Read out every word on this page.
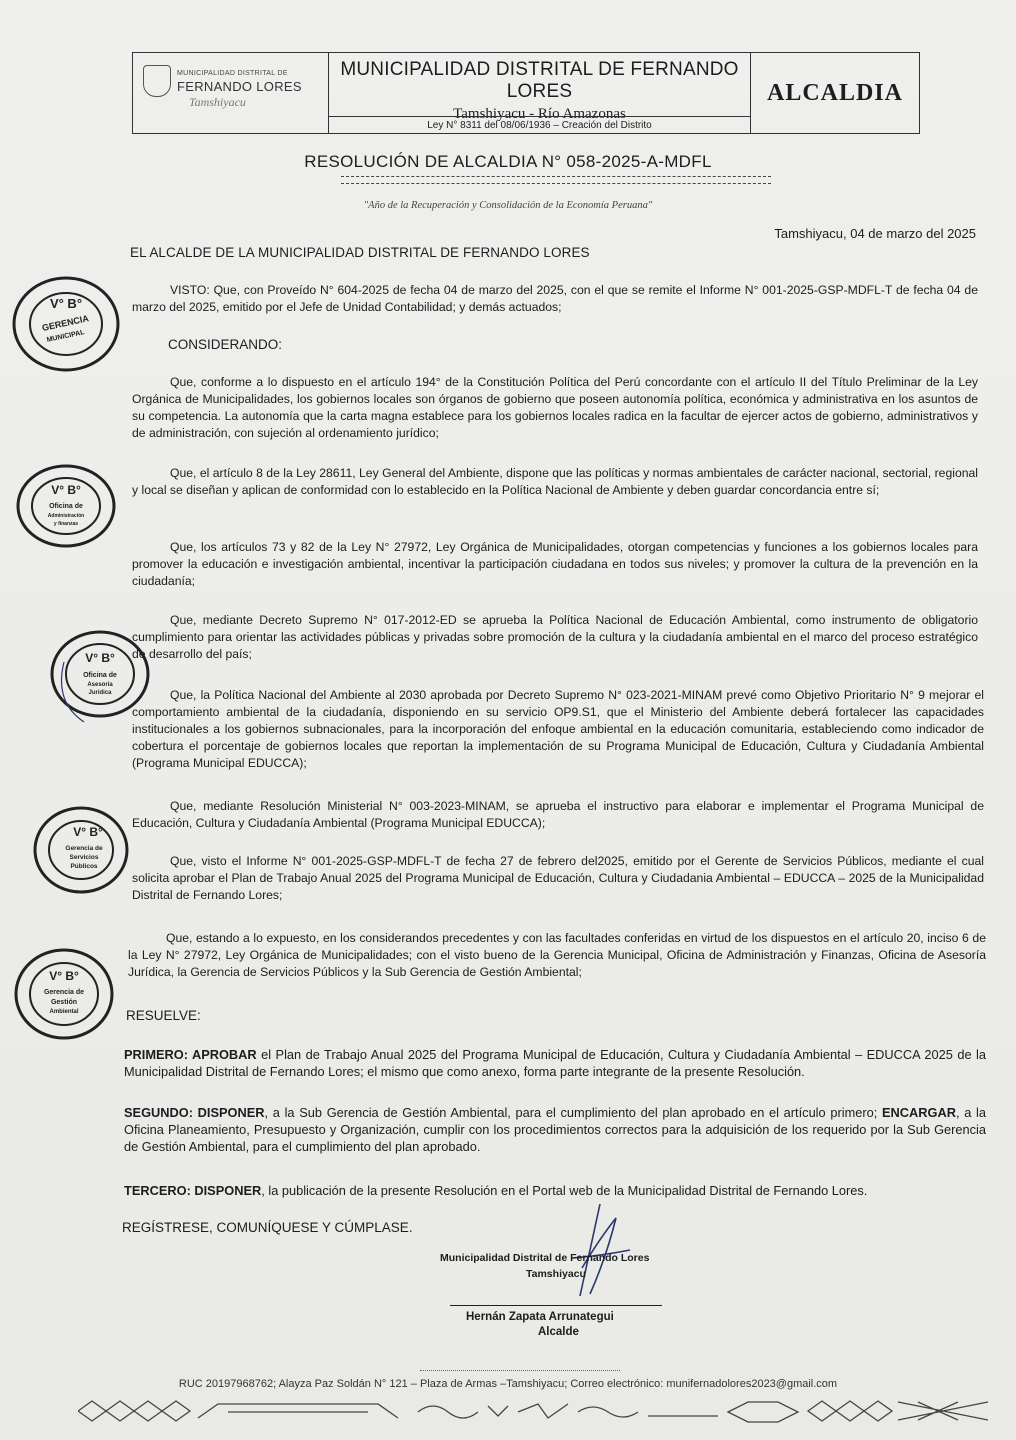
MUNICIPALIDAD DISTRITAL DE
FERNANDO LORES
Tamshiyacu
MUNICIPALIDAD DISTRITAL DE FERNANDO LORES
Tamshiyacu - Río Amazonas
Ley N° 8311 del 08/06/1936 – Creación del Distrito
ALCALDIA
RESOLUCIÓN DE ALCALDIA N° 058-2025-A-MDFL
"Año de la Recuperación y Consolidación de la Economía Peruana"
Tamshiyacu, 04 de marzo del 2025
EL ALCALDE DE LA MUNICIPALIDAD DISTRITAL DE FERNANDO LORES
VISTO: Que, con Proveído N° 604-2025 de fecha 04 de marzo del 2025, con el que se remite el Informe N° 001-2025-GSP-MDFL-T de fecha 04 de marzo del 2025, emitido por el Jefe de Unidad Contabilidad; y demás actuados;
CONSIDERANDO:
Que, conforme a lo dispuesto en el artículo 194° de la Constitución Política del Perú concordante con el artículo II del Título Preliminar de la Ley Orgánica de Municipalidades, los gobiernos locales son órganos de gobierno que poseen autonomía política, económica y administrativa en los asuntos de su competencia. La autonomía que la carta magna establece para los gobiernos locales radica en la facultar de ejercer actos de gobierno, administrativos y de administración, con sujeción al ordenamiento jurídico;
Que, el artículo 8 de la Ley 28611, Ley General del Ambiente, dispone que las políticas y normas ambientales de carácter nacional, sectorial, regional y local se diseñan y aplican de conformidad con lo establecido en la Política Nacional de Ambiente y deben guardar concordancia entre sí;
Que, los artículos 73 y 82 de la Ley N° 27972, Ley Orgánica de Municipalidades, otorgan competencias y funciones a los gobiernos locales para promover la educación e investigación ambiental, incentivar la participación ciudadana en todos sus niveles; y promover la cultura de la prevención en la ciudadanía;
Que, mediante Decreto Supremo N° 017-2012-ED se aprueba la Política Nacional de Educación Ambiental, como instrumento de obligatorio cumplimiento para orientar las actividades públicas y privadas sobre promoción de la cultura y la ciudadanía ambiental en el marco del proceso estratégico de desarrollo del país;
Que, la Política Nacional del Ambiente al 2030 aprobada por Decreto Supremo N° 023-2021-MINAM prevé como Objetivo Prioritario N° 9 mejorar el comportamiento ambiental de la ciudadanía, disponiendo en su servicio OP9.S1, que el Ministerio del Ambiente deberá fortalecer las capacidades institucionales a los gobiernos subnacionales, para la incorporación del enfoque ambiental en la educación comunitaria, estableciendo como indicador de cobertura el porcentaje de gobiernos locales que reportan la implementación de su Programa Municipal de Educación, Cultura y Ciudadanía Ambiental (Programa Municipal EDUCCA);
Que, mediante Resolución Ministerial N° 003-2023-MINAM, se aprueba el instructivo para elaborar e implementar el Programa Municipal de Educación, Cultura y Ciudadanía Ambiental (Programa Municipal EDUCCA);
Que, visto el Informe N° 001-2025-GSP-MDFL-T de fecha 27 de febrero del2025, emitido por el Gerente de Servicios Públicos, mediante el cual solicita aprobar el Plan de Trabajo Anual 2025 del Programa Municipal de Educación, Cultura y Ciudadania Ambiental – EDUCCA – 2025 de la Municipalidad Distrital de Fernando Lores;
Que, estando a lo expuesto, en los considerandos precedentes y con las facultades conferidas en virtud de los dispuestos en el artículo 20, inciso 6 de la Ley N° 27972, Ley Orgánica de Municipalidades; con el visto bueno de la Gerencia Municipal, Oficina de Administración y Finanzas, Oficina de Asesoría Jurídica, la Gerencia de Servicios Públicos y la Sub Gerencia de Gestión Ambiental;
RESUELVE:
PRIMERO: APROBAR el Plan de Trabajo Anual 2025 del Programa Municipal de Educación, Cultura y Ciudadanía Ambiental – EDUCCA 2025 de la Municipalidad Distrital de Fernando Lores; el mismo que como anexo, forma parte integrante de la presente Resolución.
SEGUNDO: DISPONER, a la Sub Gerencia de Gestión Ambiental, para el cumplimiento del plan aprobado en el artículo primero; ENCARGAR, a la Oficina Planeamiento, Presupuesto y Organización, cumplir con los procedimientos correctos para la adquisición de los requerido por la Sub Gerencia de Gestión Ambiental, para el cumplimiento del plan aprobado.
TERCERO: DISPONER, la publicación de la presente Resolución en el Portal web de la Municipalidad Distrital de Fernando Lores.
REGÍSTRESE, COMUNÍQUESE Y CÚMPLASE.
Municipalidad Distrital de Fernando Lores
Tamshiyacu
Hernán Zapata Arrunategui
Alcalde
V° B°
GERENCIA
MUNICIPAL
V° B°
Oficina de
Administración
y finanzas
V° B°
Oficina de
Asesoría
Jurídica
V° B°
Gerencia de
Servicios
Públicos
V° B°
Gerencia de
Gestión
Ambiental
RUC 20197968762; Alayza Paz Soldán N° 121 – Plaza de Armas –Tamshiyacu; Correo electrónico: munifernadolores2023@gmail.com
